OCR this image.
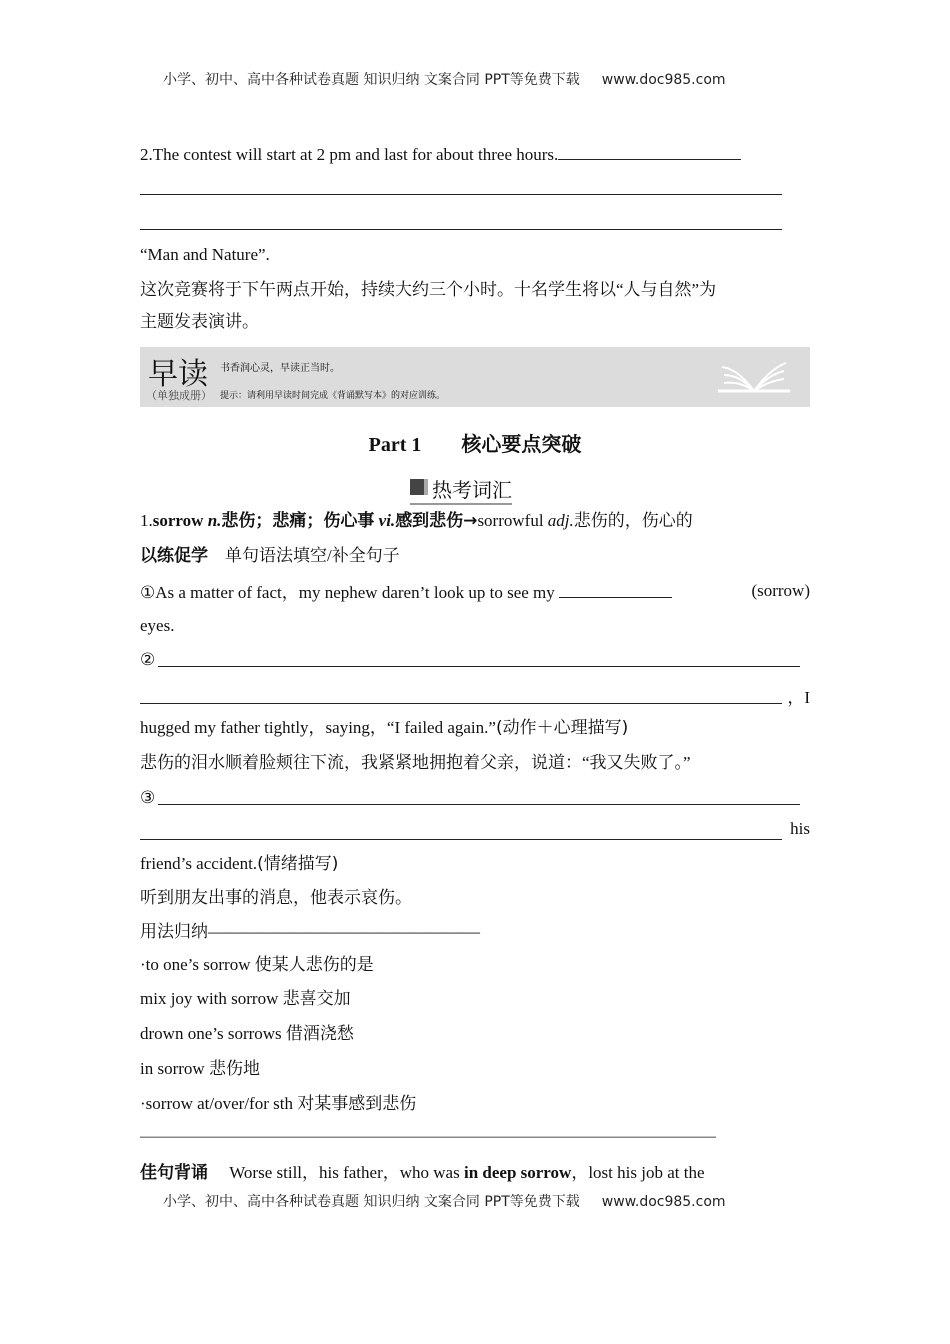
小学、初中、高中各种试卷真题 知识归纳 文案合同 PPT等免费下载 www.doc985.com
2.The contest will start at 2 pm and last for about three hours.
“Man and Nature”.
这次竞赛将于下午两点开始，持续大约三个小时。十名学生将以“人与自然”为
主题发表演讲。
早读 书香润心灵，早读正当时。
（单独成册） 提示：请利用早读时间完成《背诵默写本》的对应训练。
Part 1　　核心要点突破
热考词汇
1.sorrow n.悲伤；悲痛；伤心事 vi.感到悲伤→sorrowful adj.悲伤的，伤心的
以练促学　 单句语法填空/补全句子
①As a matter of fact，my nephew daren’t look up to see my	(sorrow)
eyes.
②
，I
hugged my father tightly，saying，“I failed again.”(动作＋心理描写)
悲伤的泪水顺着脸颊往下流，我紧紧地拥抱着父亲，说道：“我又失败了。”
③
his
friend’s accident.(情绪描写)
听到朋友出事的消息，他表示哀伤。
用法归纳————————————————
·to one’s sorrow 使某人悲伤的是
mix joy with sorrow 悲喜交加
drown one’s sorrows 借酒浇愁
in sorrow 悲伤地
·sorrow at/over/for sth 对某事感到悲伤
————————————————————————————————————
佳句背诵　 Worse still，his father，who was in deep sorrow，lost his job at the
小学、初中、高中各种试卷真题 知识归纳 文案合同 PPT等免费下载 www.doc985.com
